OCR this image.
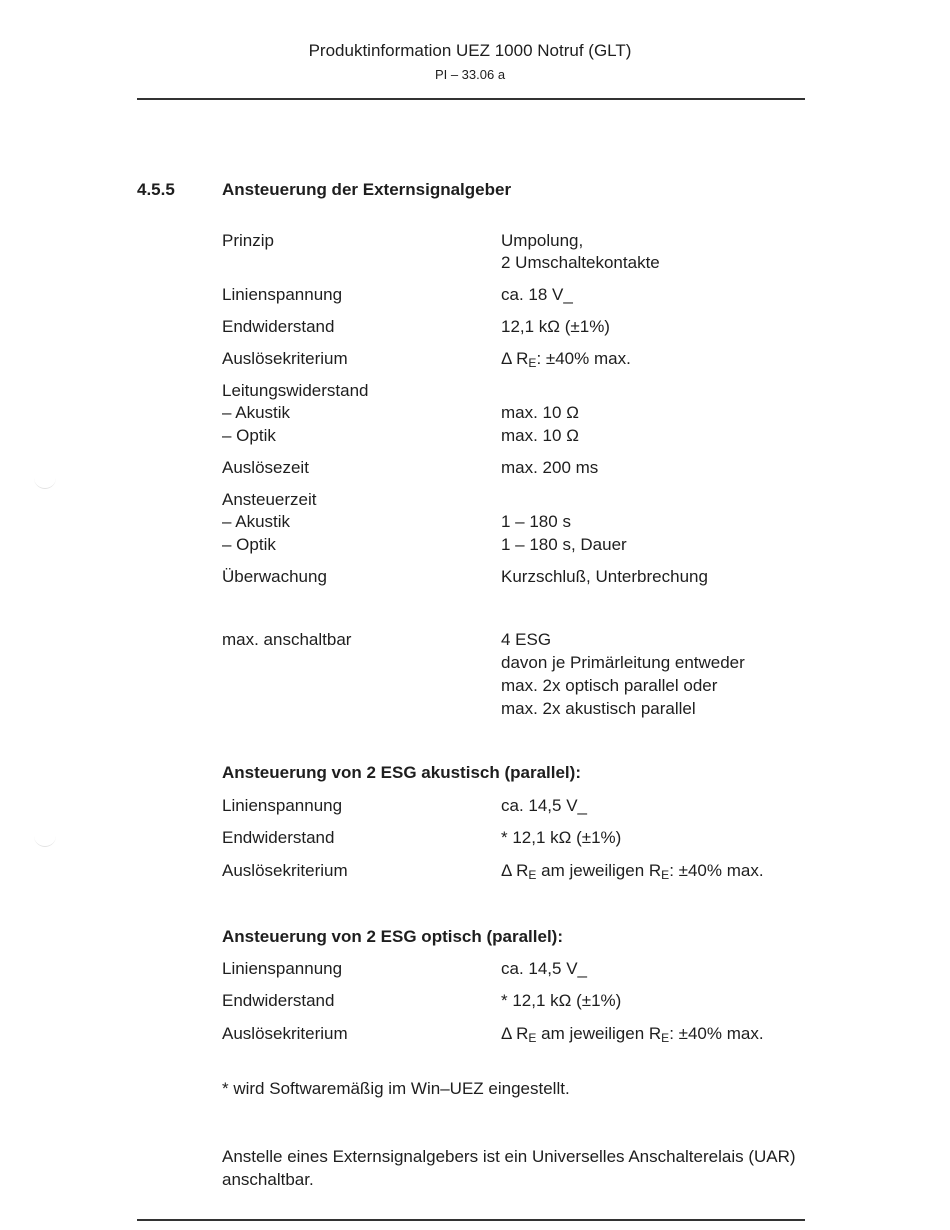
Produktinformation UEZ 1000 Notruf (GLT)
PI – 33.06 a
4.5.5	Ansteuerung der Externsignalgeber
Prinzip	Umpolung,
2 Umschaltekontakte
Linienspannung	ca. 18 V_
Endwiderstand	12,1 kΩ (±1%)
Auslösekriterium	Δ RE: ±40% max.
Leitungswiderstand
– Akustik	max. 10 Ω
– Optik	max. 10 Ω
Auslösezeit	max. 200 ms
Ansteuerzeit
– Akustik	1 – 180 s
– Optik	1 – 180 s, Dauer
Überwachung	Kurzschluß, Unterbrechung
max. anschaltbar	4 ESG
davon je Primärleitung entweder
max. 2x optisch parallel oder
max. 2x akustisch parallel
Ansteuerung von 2 ESG akustisch (parallel):
Linienspannung	ca. 14,5 V_
Endwiderstand	* 12,1 kΩ (±1%)
Auslösekriterium	Δ RE am jeweiligen RE: ±40% max.
Ansteuerung von 2 ESG optisch (parallel):
Linienspannung	ca. 14,5 V_
Endwiderstand	* 12,1 kΩ (±1%)
Auslösekriterium	Δ RE am jeweiligen RE: ±40% max.
* wird Softwaremäßig im Win–UEZ eingestellt.
Anstelle eines Externsignalgebers ist ein Universelles Anschalterelais (UAR) anschaltbar.
